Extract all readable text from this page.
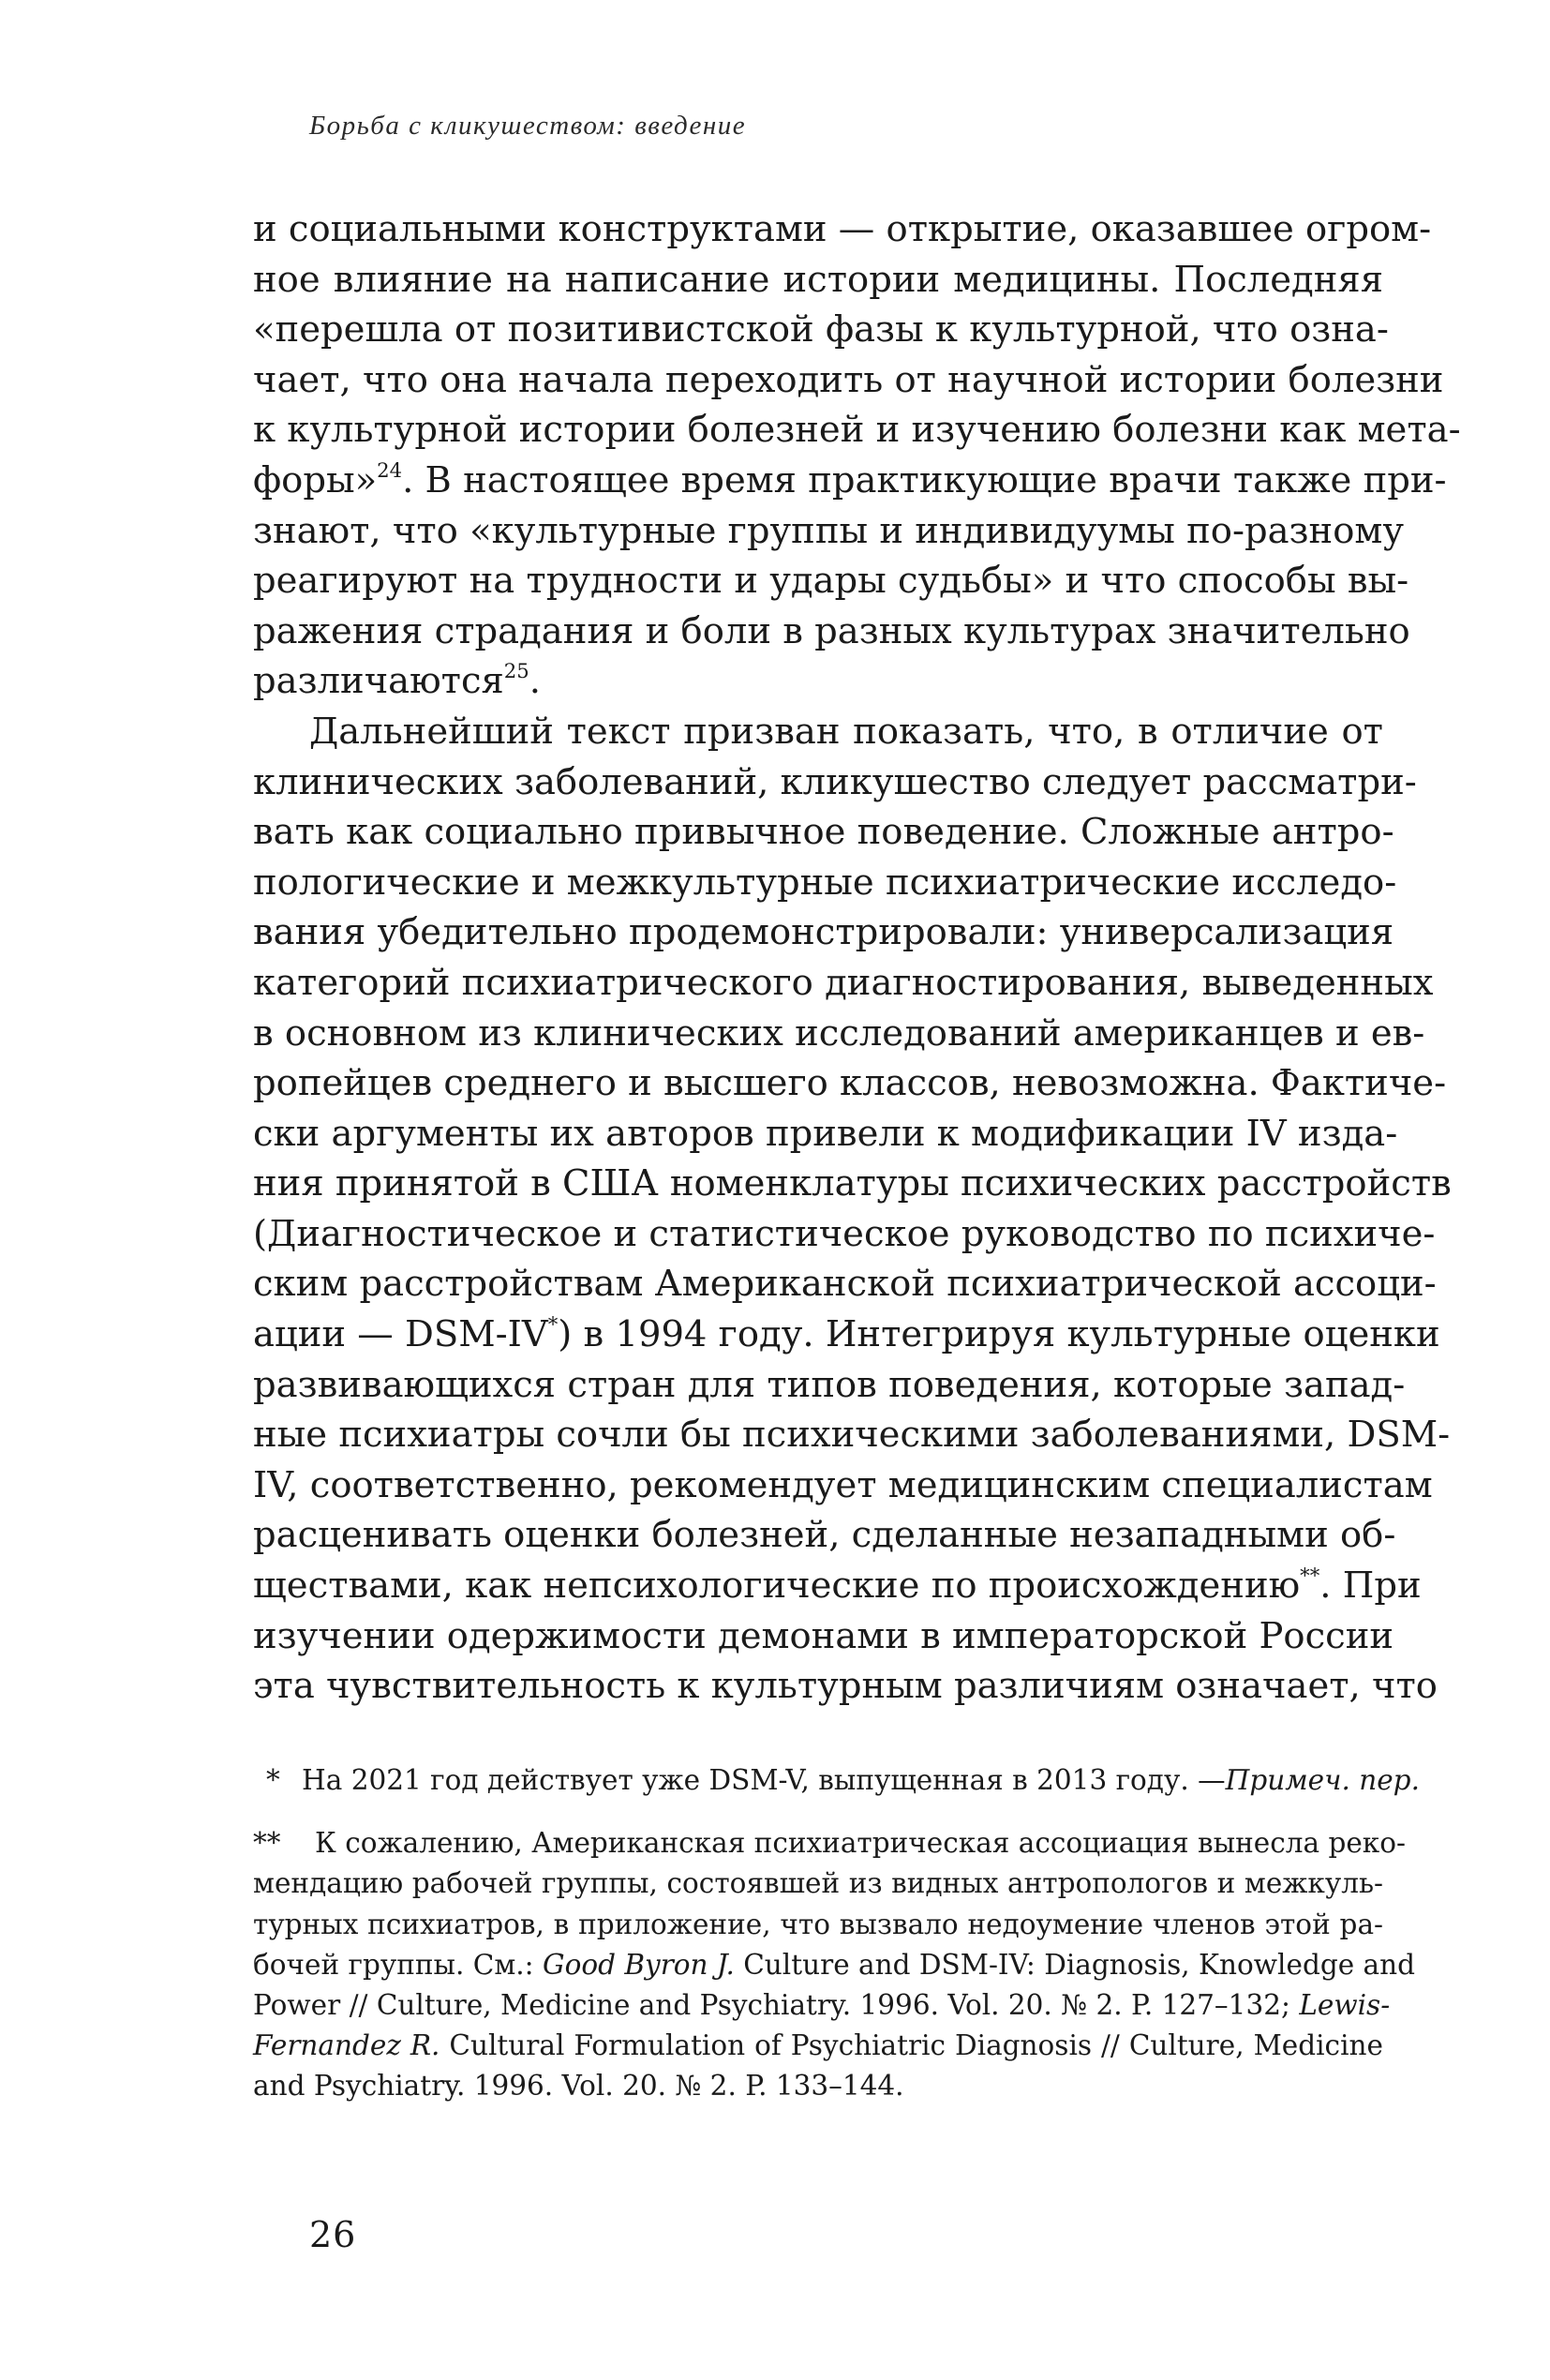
Борьба с кликушеством: введение
и социальными конструктами — открытие, оказавшее огром-
ное влияние на написание истории медицины. Последняя
«перешла от позитивистской фазы к культурной, что озна-
чает, что она начала переходить от научной истории болезни
к культурной истории болезней и изучению болезни как мета-
форы»$^{24}$. В настоящее время практикующие врачи также при-
знают, что «культурные группы и индивидуумы по-разному
реагируют на трудности и удары судьбы» и что способы вы-
ражения страдания и боли в разных культурах значительно
различаются$^{25}$.
Дальнейший текст призван показать, что, в отличие от
клинических заболеваний, кликушество следует рассматри-
вать как социально привычное поведение. Сложные антро-
пологические и межкультурные психиатрические исследо-
вания убедительно продемонстрировали: универсализация
категорий психиатрического диагностирования, выведенных
в основном из клинических исследований американцев и ев-
ропейцев среднего и высшего классов, невозможна. Фактиче-
ски аргументы их авторов привели к модификации IV изда-
ния принятой в США номенклатуры психических расстройств
(Диагностическое и статистическое руководство по психиче-
ским расстройствам Американской психиатрической ассоци-
ации — DSM-IV*) в 1994 году. Интегрируя культурные оценки
развивающихся стран для типов поведения, которые запад-
ные психиатры сочли бы психическими заболеваниями, DSM-
IV, соответственно, рекомендует медицинским специалистам
расценивать оценки болезней, сделанные незападными об-
ществами, как непсихологические по происхождению**. При
изучении одержимости демонами в императорской России
эта чувствительность к культурным различиям означает, что
* На 2021 год действует уже DSM-V, выпущенная в 2013 году. —Примеч. пер.
** К сожалению, Американская психиатрическая ассоциация вынесла реко-
мендацию рабочей группы, состоявшей из видных антропологов и межкуль-
турных психиатров, в приложение, что вызвало недоумение членов этой ра-
бочей группы. См.: Good Byron J. Culture and DSM-IV: Diagnosis, Knowledge and
Power // Culture, Medicine and Psychiatry. 1996. Vol. 20. № 2. P. 127–132; Lewis-
Fernandez R. Cultural Formulation of Psychiatric Diagnosis // Culture, Medicine
and Psychiatry. 1996. Vol. 20. № 2. P. 133–144.
26
